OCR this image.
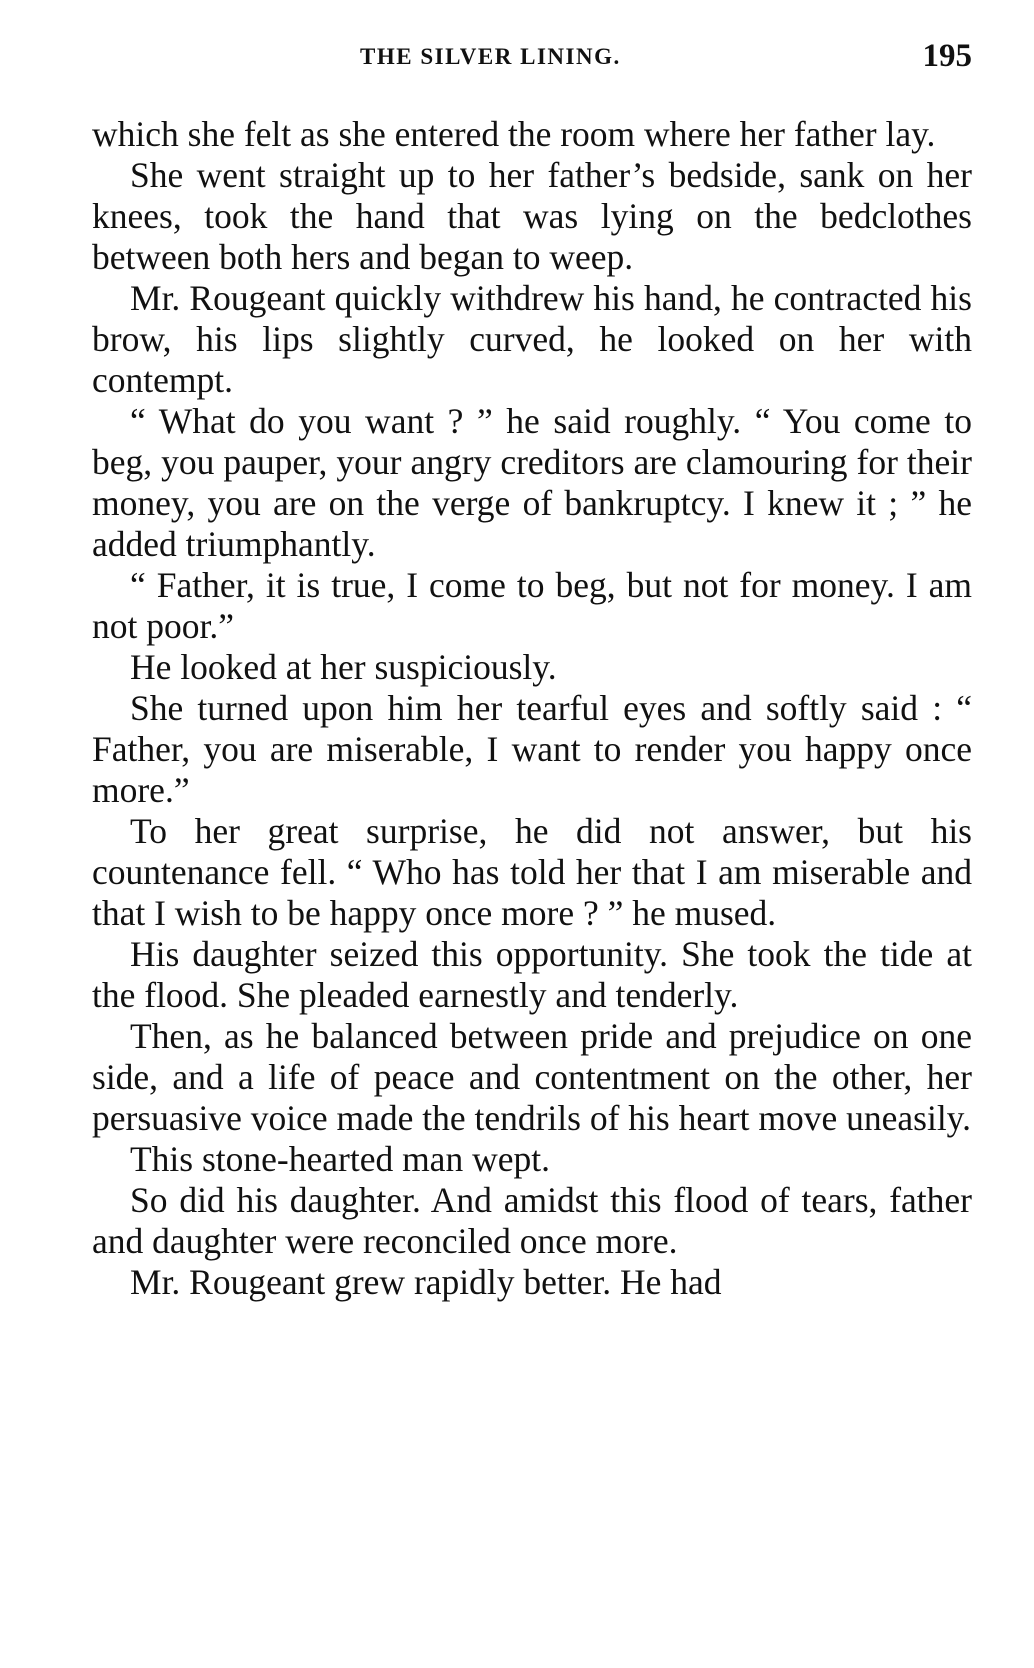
THE SILVER LINING.	195

which she felt as she entered the room where her father lay.

She went straight up to her father’s bedside, sank on her knees, took the hand that was lying on the bedclothes between both hers and began to weep.

Mr. Rougeant quickly withdrew his hand, he contracted his brow, his lips slightly curved, he looked on her with contempt.

“ What do you want ? ” he said roughly. “ You come to beg, you pauper, your angry creditors are clamouring for their money, you are on the verge of bankruptcy. I knew it ; ” he added triumphantly.

“ Father, it is true, I come to beg, but not for money. I am not poor.”

He looked at her suspiciously.

She turned upon him her tearful eyes and softly said : “ Father, you are miserable, I want to render you happy once more.”

To her great surprise, he did not answer, but his countenance fell. “ Who has told her that I am miserable and that I wish to be happy once more ? ” he mused.

His daughter seized this opportunity. She took the tide at the flood. She pleaded earnestly and tenderly.

Then, as he balanced between pride and prejudice on one side, and a life of peace and contentment on the other, her persuasive voice made the tendrils of his heart move uneasily.

This stone-hearted man wept.

So did his daughter. And amidst this flood of tears, father and daughter were reconciled once more.

Mr. Rougeant grew rapidly better. He had
